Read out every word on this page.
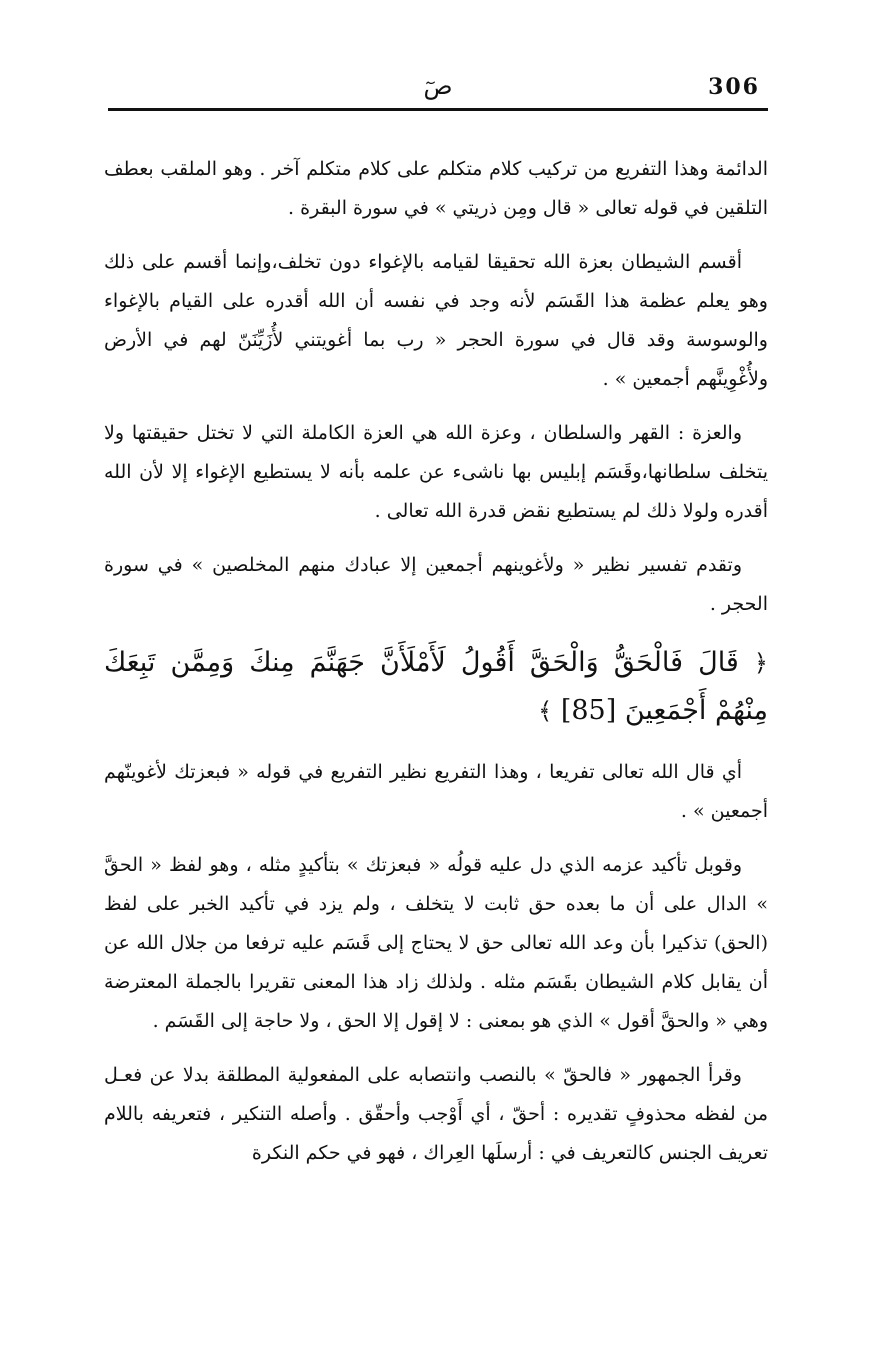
306
صٓ

الدائمة وهذا التفريع من تركيب كلام متكلم على كلام متكلم آخر . وهو الملقب بعطف التلقين في قوله تعالى « قال ومِن ذريتي » في سورة البقرة .

أقسم الشيطان بعزة الله تحقيقا لقيامه بالإغواء دون تخلف،وإنما أقسم على ذلك وهو يعلم عظمة هذا القَسَم لأنه وجد في نفسه أن الله أقدره على القيام بالإغواء والوسوسة وقد قال في سورة الحجر « رب بما أغويتني لأُزَيِّنَنّ لهم في الأرض ولأُغْوِينَّهم أجمعين » .

والعزة : القهر والسلطان ، وعزة الله هي العزة الكاملة التي لا تختل حقيقتها ولا يتخلف سلطانها،وقَسَم إبليس بها ناشىء عن علمه بأنه لا يستطيع الإغواء إلا لأن الله أقدره ولولا ذلك لم يستطيع نقض قدرة الله تعالى .

وتقدم تفسير نظير « ولأغوينهم أجمعين إلا عبادك منهم المخلصين » في سورة الحجر .

﴿ قَالَ فَالْحَقُّ وَالْحَقَّ أَقُولُ لَأَمْلَأَنَّ جَهَنَّمَ مِنكَ وَمِمَّن تَبِعَكَ مِنْهُمْ أَجْمَعِينَ [85] ﴾

أي قال الله تعالى تفريعا ، وهذا التفريع نظير التفريع في قوله « فبعزتك لأغوينّهم أجمعين » .

وقوبل تأكيد عزمه الذي دل عليه قولُه « فبعزتك » بتأكيدٍ مثله ، وهو لفظ « الحقَّ » الدال على أن ما بعده حق ثابت لا يتخلف ، ولم يزد في تأكيد الخبر على لفظ (الحق) تذكيرا بأن وعد الله تعالى حق لا يحتاج إلى قَسَم عليه ترفعا من جلال الله عن أن يقابل كلام الشيطان بقَسَم مثله . ولذلك زاد هذا المعنى تقريرا بالجملة المعترضة وهي « والحقَّ أقول » الذي هو بمعنى : لا إقول إلا الحق ، ولا حاجة إلى القَسَم .

وقرأ الجمهور « فالحقّ » بالنصب وانتصابه على المفعولية المطلقة بدلا عن فعـل من لفظه محذوفٍ تقديره : أحقّ ، أي أَوْجب وأحقّق . وأصله التنكير ، فتعريفه باللام تعريف الجنس كالتعريف في : أرسلَها العِراك ، فهو في حكم النكرة
